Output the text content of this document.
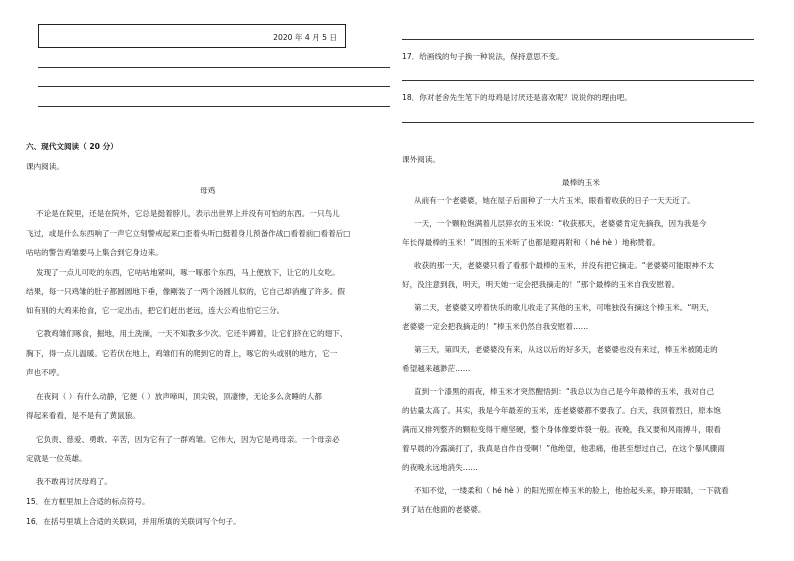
2020 年 4 月 5 日
六、现代文阅读（ 20 分）
课内阅读。
母鸡
不论是在院里，还是在院外，它总是挺着脖儿，表示出世界上并没有可怕的东西。一只鸟儿
飞过，或是什么东西响了一声它立刻警戒起来□歪着头听□挺着身儿预备作战□看着前□看着后□
咕咕的警告鸡雏要马上集合到它身边来。
发现了一点儿可吃的东西，它咕咕地紧叫，啄一啄那个东西，马上便放下，让它的儿女吃。
结果，每一只鸡雏的肚子都圆圆地下垂，像剛装了一两个汤圆儿似的，它自己却消瘦了许多。假
如有别的大鸡来抢食，它一定出击，把它们赶出老远，连大公鸡也怕它三分。
它教鸡雏们啄食，掘地，用土洗澡，一天不知教多少次。它还半蹲着，让它们挤在它的翅下、
胸下，得一点儿温暖。它若伏在地上，鸡雏们有的爬到它的背上，啄它的头或别的地方，它一
声也不哼。
在夜间（ ）有什么动静，它便（ ）放声啼叫，顶尖锐，顶凄惨，无论多么贪睡的人都
得起来看看，是不是有了黄鼠狼。
它负责、慈爱、勇敢、辛苦，因为它有了一群鸡雏。它伟大，因为它是鸡母亲。一个母亲必
定就是一位英雄。
我不敢再讨厌母鸡了。
15．在方框里加上合适的标点符号。
16．在括号里填上合适的关联词，并用所填的关联词写个句子。
17．给画线的句子换一种说法，保持意思不变。
18．你对老舍先生笔下的母鸡是讨厌还是喜欢呢？说说你的理由吧。
课外阅读。
最棒的玉米
从前有一个老婆婆，她在屋子后面种了一大片玉米，眼看着收获的日子一天天近了。
一天，一个颗粒饱满着儿层猝衣的玉米说：“收获那天，老婆婆肯定先摘我，因为我是今
年长得最棒的玉米！”周围的玉米听了也都是瞪再附和（ hé hè ）地称赞着。
收获的那一天，老婆婆只看了看那个最棒的玉米，并没有把它摘走。“老婆婆可能眼神不太
好，没注意到我，明天，明天她一定会把我摘走的！”那个最棒的玉米自我安慰着。
第二天，老婆婆又哼着快乐的歌儿收走了其他的玉米，可唯独没有摘这个棒玉米。“明天，
老婆婆一定会把我摘走的！”棒玉米仍然自我安慰着……
第三天，第四天，老婆婆没有来，从这以后的好多天，老婆婆也没有来过，棒玉米被随走的
希望越来越渺茫……
直到一个漆黑的雨夜，棒玉米才突然醒悟到：“我总以为自己是今年最棒的玉米，我对自己
的估量太高了。其实，我是今年最差的玉米，连老婆婆都不要我了。白天，我顶着烈日，原本饱
满而又排列整齐的颗粒变得干瘪坚硬，整个身体像要炸裂一般。夜晚，我又要和风雨搏斗，眼看
着早晨的冷露滴打了，我真是自作自受啊！”他绝望，他悲痛，他甚至想过自己，在这个暴风骤雨
的夜晚永远地消失……
不知不觉，一缕柔和（ hé hè ）的阳光照在棒玉米的脸上，他抬起头来，睁开眼睛，一下就看
到了站在他面的老婆婆。
